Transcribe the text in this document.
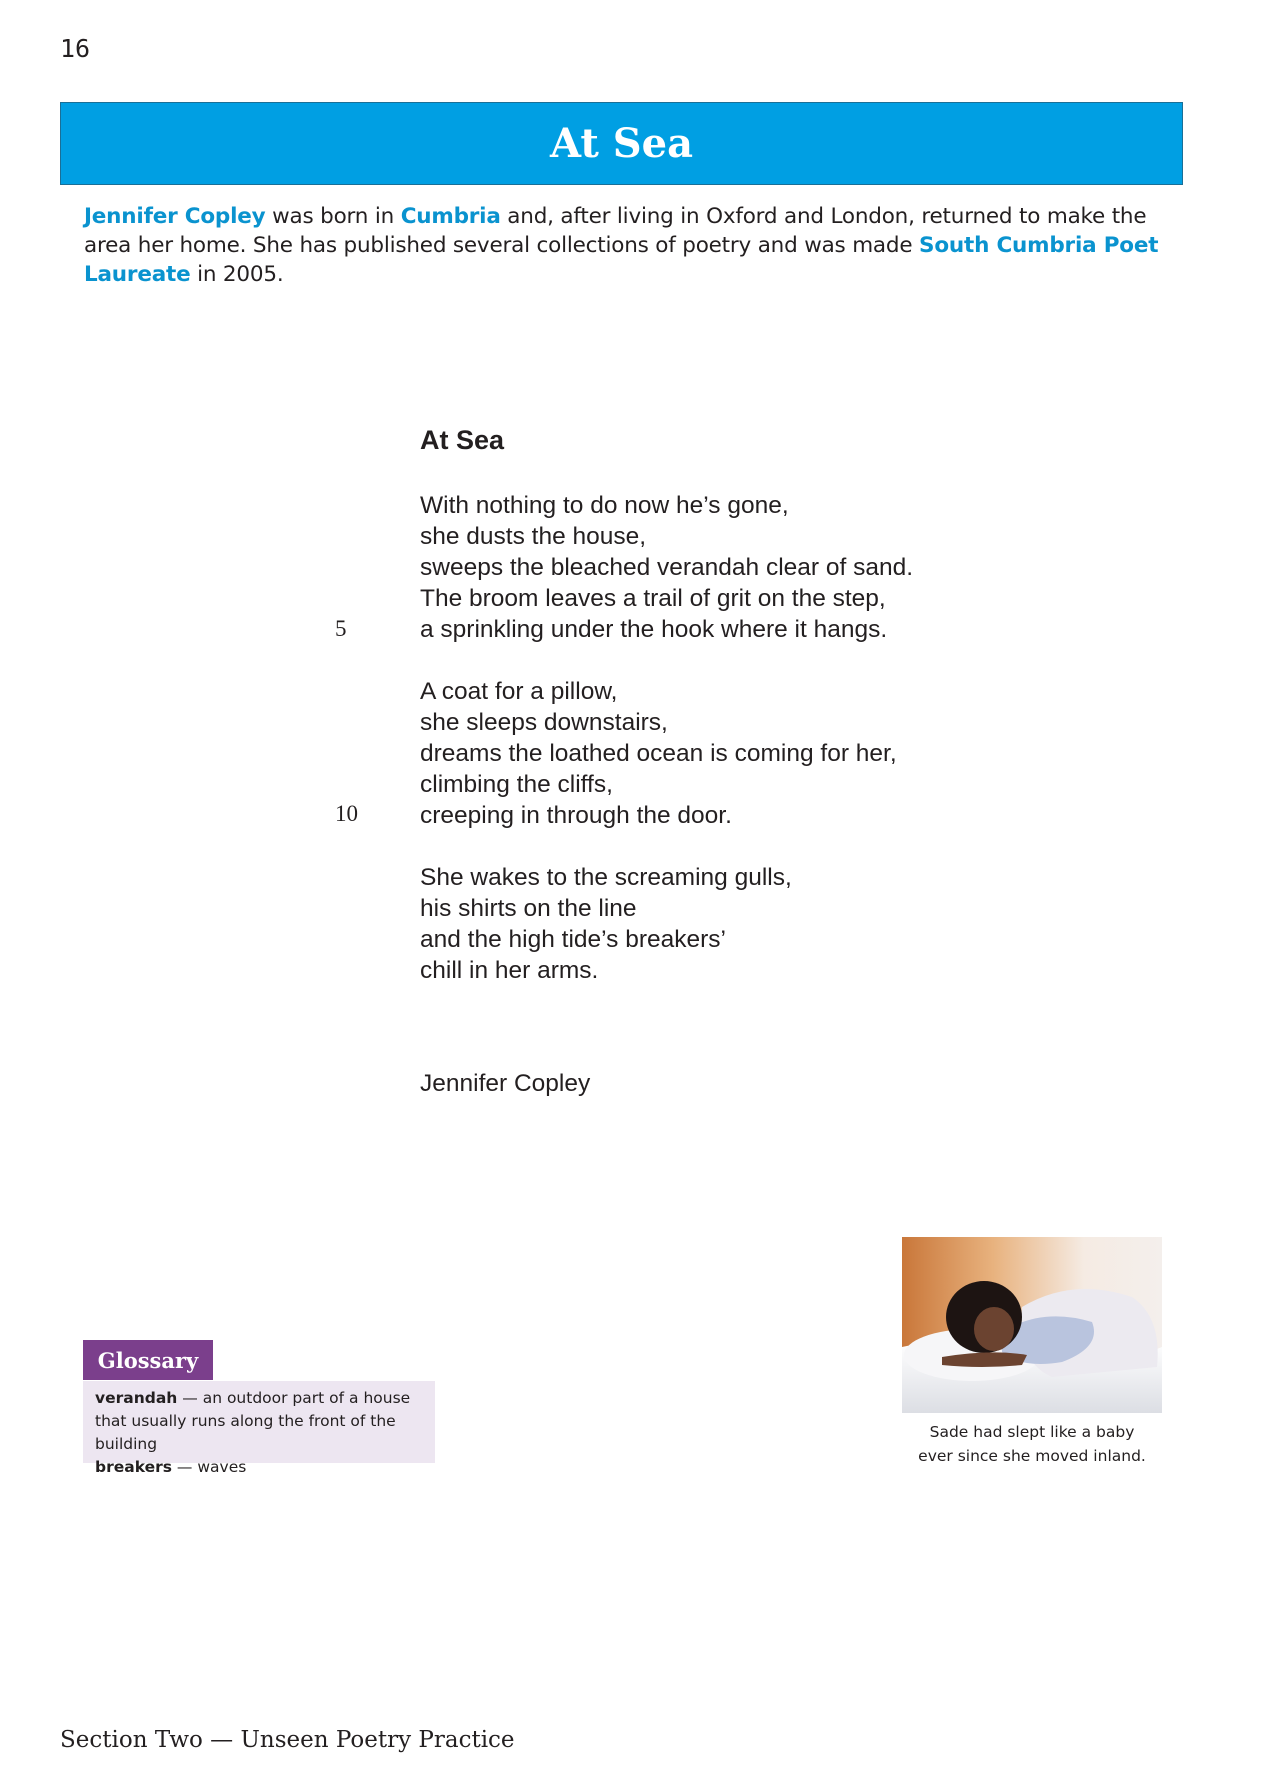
16
At Sea
Jennifer Copley was born in Cumbria and, after living in Oxford and London, returned to make the area her home. She has published several collections of poetry and was made South Cumbria Poet Laureate in 2005.
At Sea
With nothing to do now he’s gone,
she dusts the house,
sweeps the bleached verandah clear of sand.
The broom leaves a trail of grit on the step,
a sprinkling under the hook where it hangs.
5
A coat for a pillow,
she sleeps downstairs,
dreams the loathed ocean is coming for her,
climbing the cliffs,
creeping in through the door.
10
She wakes to the screaming gulls,
his shirts on the line
and the high tide’s breakers’
chill in her arms.
Jennifer Copley
Glossary
verandah — an outdoor part of a house that usually runs along the front of the building
breakers — waves
Sade had slept like a baby
ever since she moved inland.
Section Two — Unseen Poetry Practice
